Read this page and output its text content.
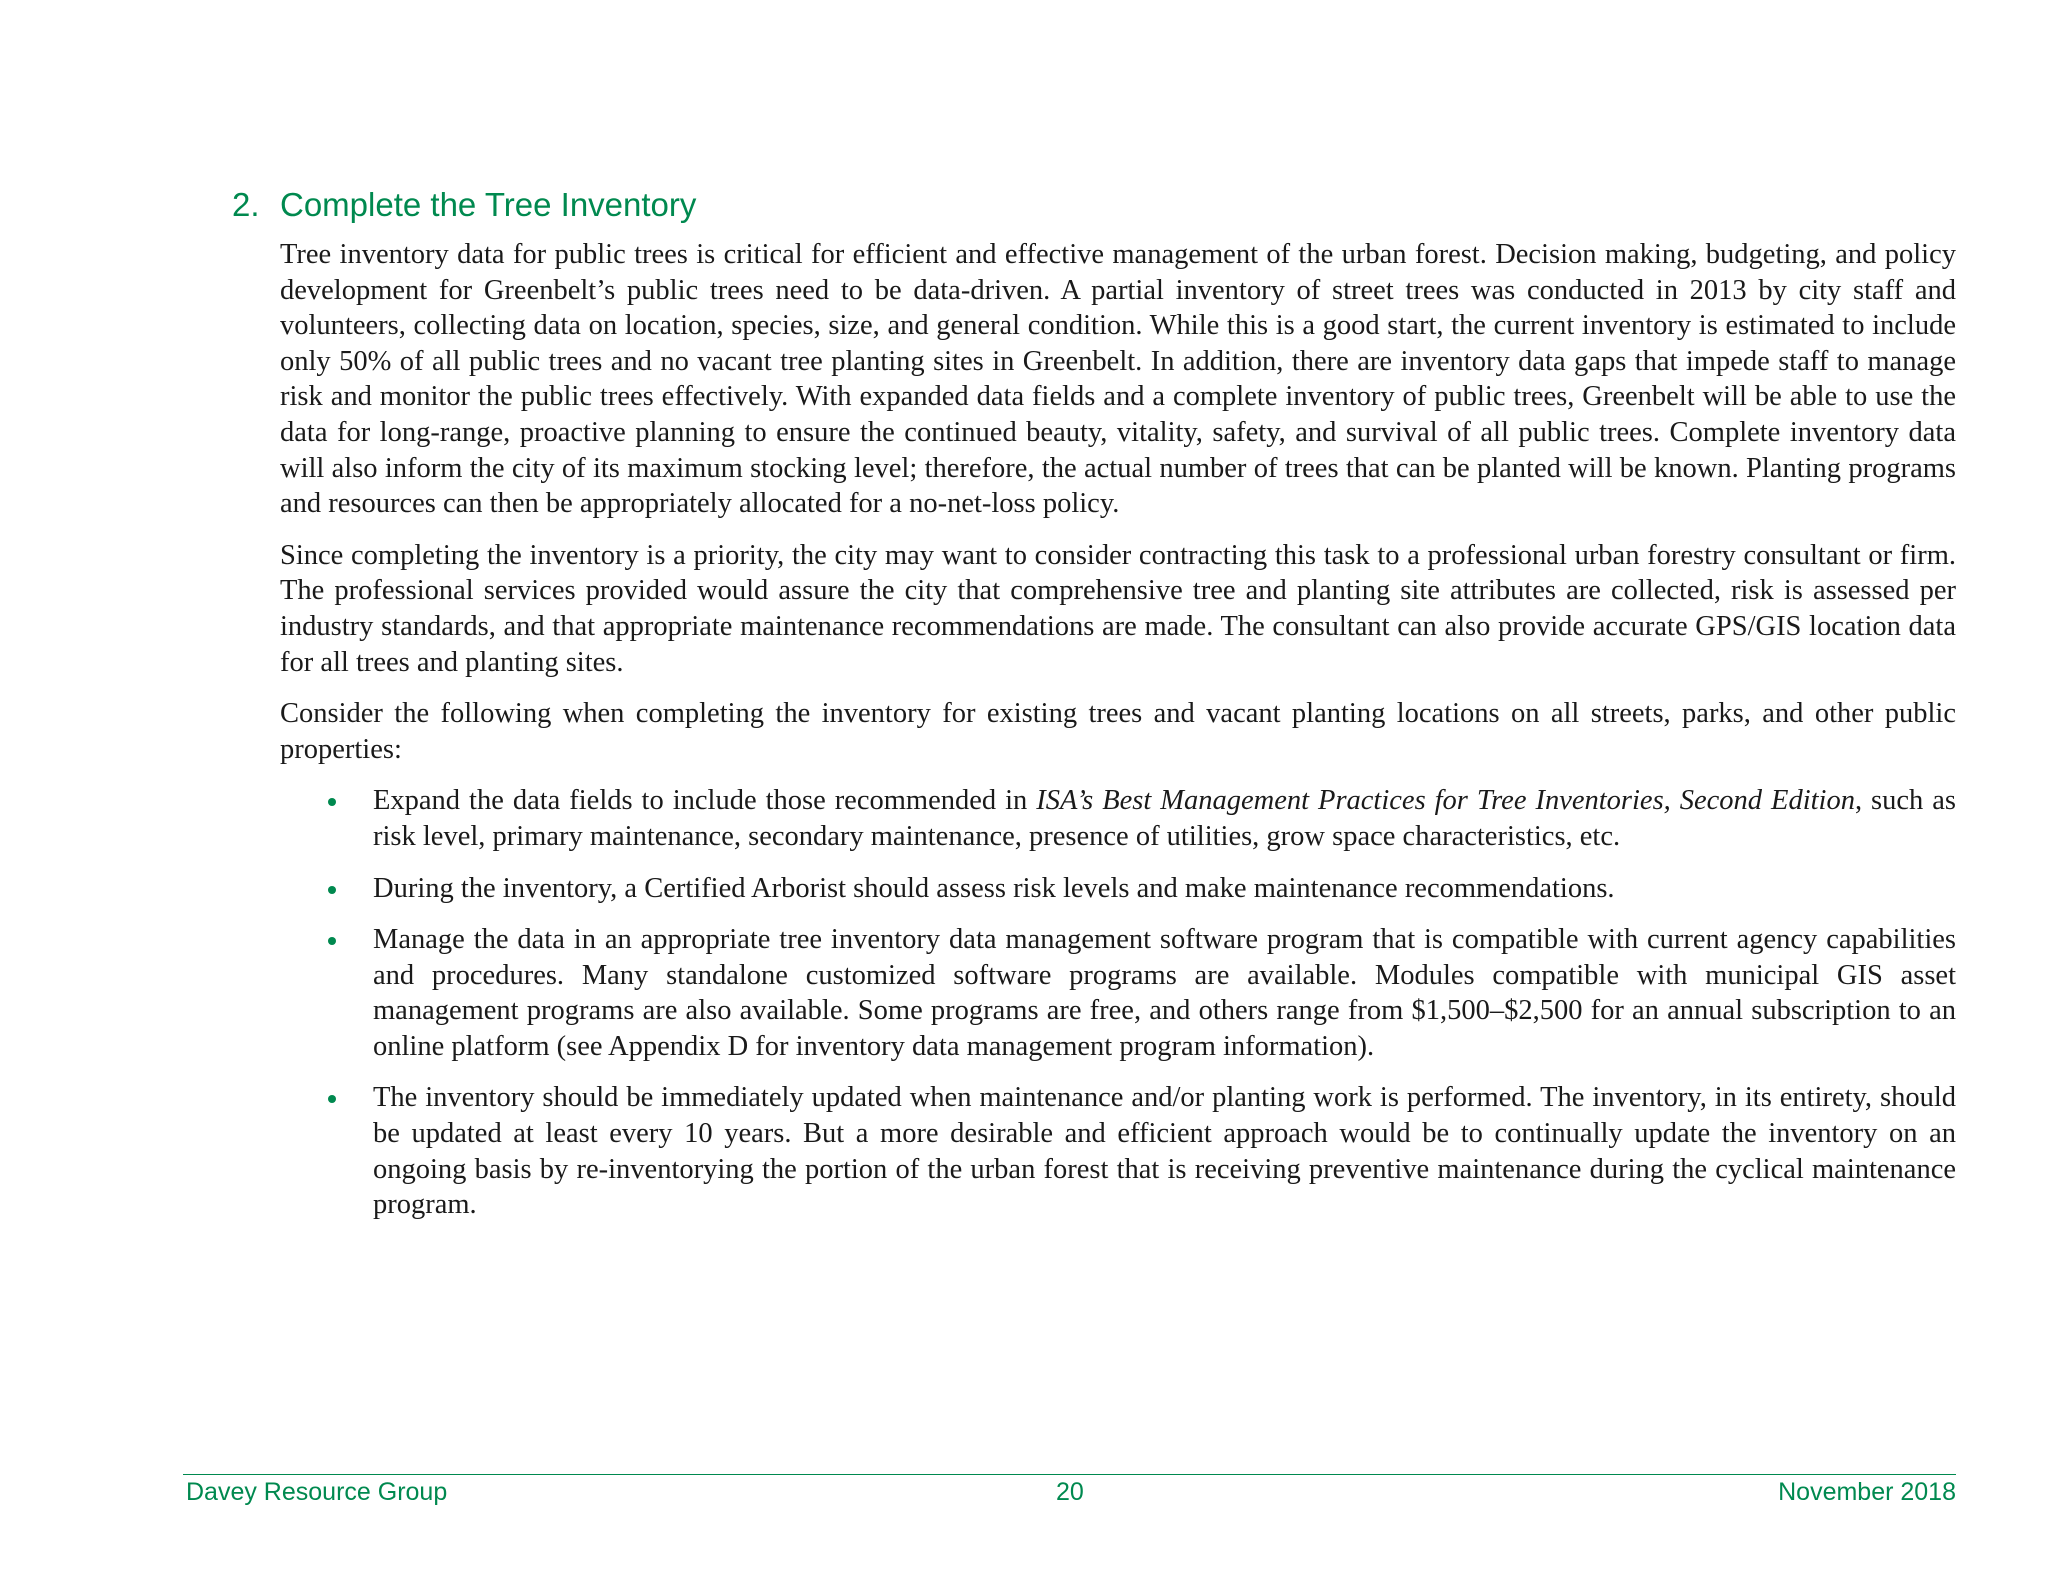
2. Complete the Tree Inventory

Tree inventory data for public trees is critical for efficient and effective management of the urban forest. Decision making, budgeting, and policy development for Greenbelt’s public trees need to be data-driven. A partial inventory of street trees was conducted in 2013 by city staff and volunteers, collecting data on location, species, size, and general condition. While this is a good start, the current inventory is estimated to include only 50% of all public trees and no vacant tree planting sites in Greenbelt. In addition, there are inventory data gaps that impede staff to manage risk and monitor the public trees effectively. With expanded data fields and a complete inventory of public trees, Greenbelt will be able to use the data for long-range, proactive planning to ensure the continued beauty, vitality, safety, and survival of all public trees. Complete inventory data will also inform the city of its maximum stocking level; therefore, the actual number of trees that can be planted will be known. Planting programs and resources can then be appropriately allocated for a no-net-loss policy.

Since completing the inventory is a priority, the city may want to consider contracting this task to a professional urban forestry consultant or firm. The professional services provided would assure the city that comprehensive tree and planting site attributes are collected, risk is assessed per industry standards, and that appropriate maintenance recommendations are made. The consultant can also provide accurate GPS/GIS location data for all trees and planting sites.

Consider the following when completing the inventory for existing trees and vacant planting locations on all streets, parks, and other public properties:

Expand the data fields to include those recommended in ISA’s Best Management Practices for Tree Inventories, Second Edition, such as risk level, primary maintenance, secondary maintenance, presence of utilities, grow space characteristics, etc.
During the inventory, a Certified Arborist should assess risk levels and make maintenance recommendations.
Manage the data in an appropriate tree inventory data management software program that is compatible with current agency capabilities and procedures. Many standalone customized software programs are available. Modules compatible with municipal GIS asset management programs are also available. Some programs are free, and others range from $1,500–$2,500 for an annual subscription to an online platform (see Appendix D for inventory data management program information).
The inventory should be immediately updated when maintenance and/or planting work is performed. The inventory, in its entirety, should be updated at least every 10 years. But a more desirable and efficient approach would be to continually update the inventory on an ongoing basis by re-inventorying the portion of the urban forest that is receiving preventive maintenance during the cyclical maintenance program.
Davey Resource Group	20	November 2018
